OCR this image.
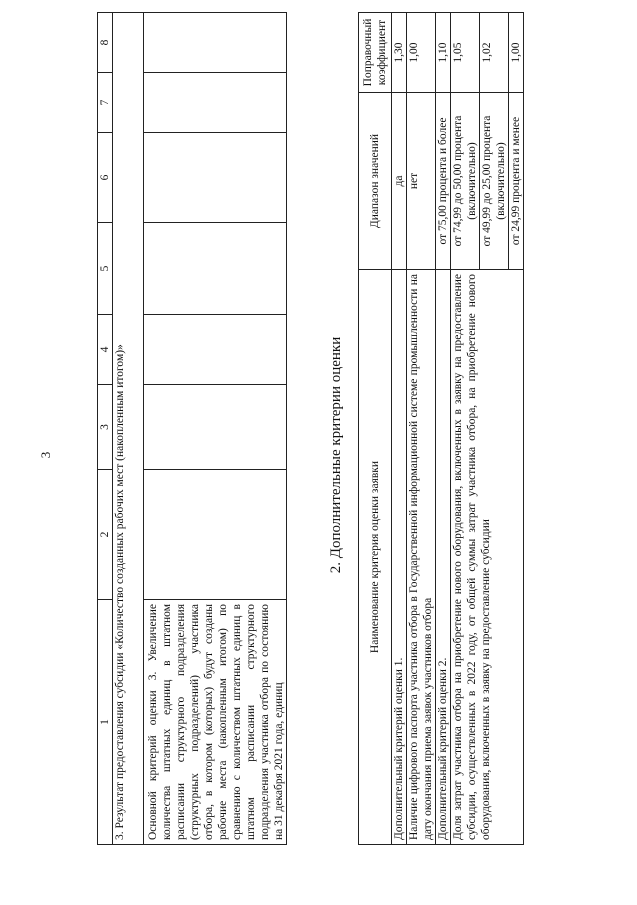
3
1	2	3	4	5	6	7	8
3. Результат предоставления субсидии «Количество созданных рабочих мест (накопленным итогом)»							
Основной критерий оценки 3. Увеличение количества штатных единиц в штатном расписании структурного подразделения (структурных подразделений) участника отбора, в котором (которых) будут созданы рабочие места (накопленным итогом) по сравнению с количеством штатных единиц в штатном расписании структурного подразделения участника отбора по состоянию на 31 декабря 2021 года, единиц							
2. Дополнительные критерии оценки Наименование критерия оценки заявки	Диапазон значений	Поправочный коэффициент
Дополнительный критерий оценки 1.	да	1,30
Наличие цифрового паспорта участника отбора в Государственной информационной системе промышленности на дату окончания приема заявок участников отбора	нет	1,00
Дополнительный критерий оценки 2.	от 75,00 процента и более	1,10
Доля затрат участника отбора на приобретение нового оборудования, включенных в заявку на предоставление субсидии, осуществленных в 2022 году, от общей суммы затрат участника отбора, на приобретение нового оборудования, включенных в заявку на предоставление субсидии	от 74,99 до 50,00 процента (включительно)	1,05
	от 49,99 до 25,00 процента (включительно)	1,02
	от 24,99 процента и менее	1,00
